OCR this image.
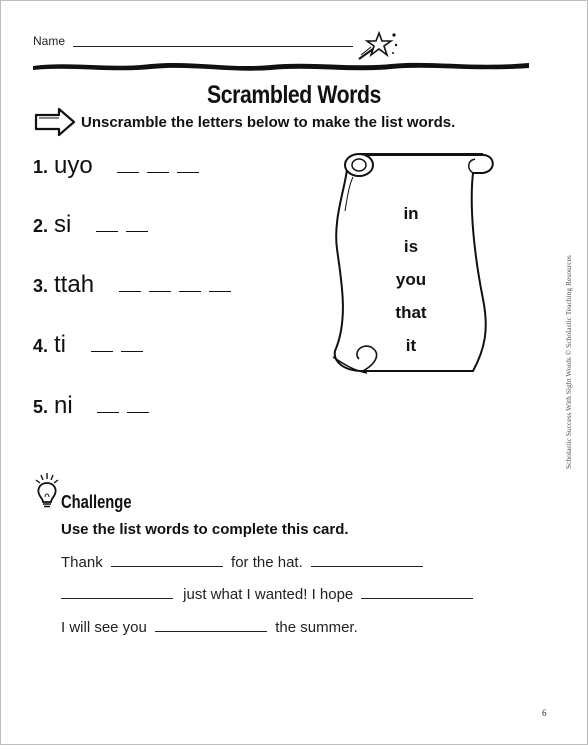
Name
Scrambled Words
Unscramble the letters below to make the list words.
1. uyo
2. si
3. ttah
4. ti
5. ni
in
is
you
that
it
Challenge
Use the list words to complete this card.
Thank	for the hat.
just what I wanted! I hope
I will see you	the summer.
Scholastic Success With Sight Words © Scholastic Teaching Resources
6
